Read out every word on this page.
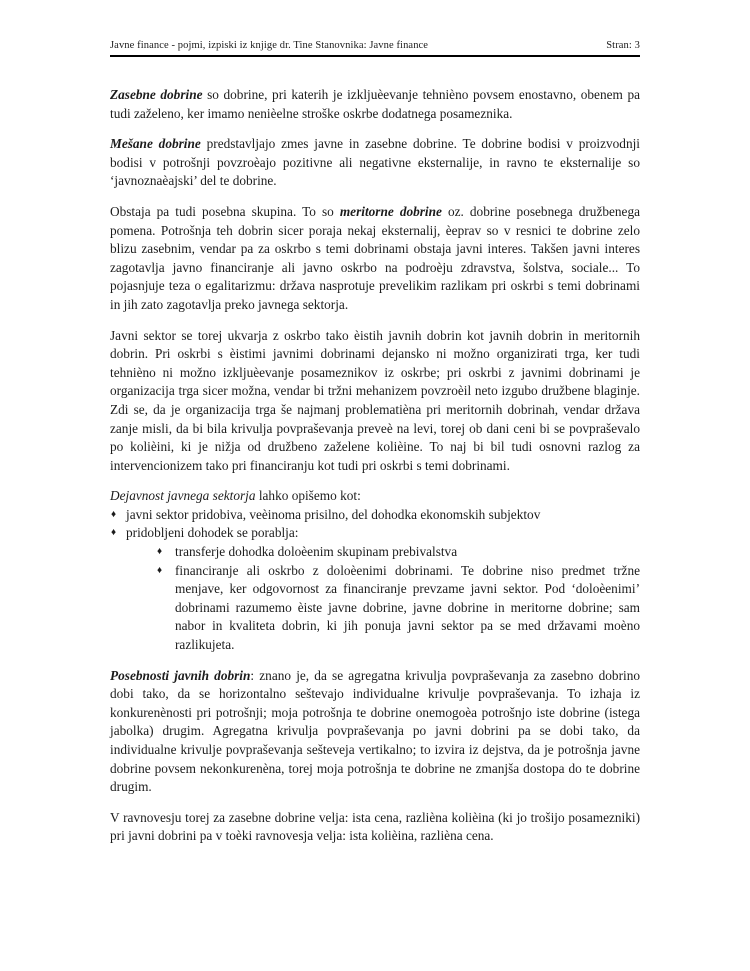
Javne finance - pojmi, izpiski iz knjige dr. Tine Stanovnika: Javne finance	Stran: 3
Zasebne dobrine so dobrine, pri katerih je izkljuèevanje tehnièno povsem enostavno, obenem pa tudi zaželeno, ker imamo nenièelne stroške oskrbe dodatnega posameznika.
Mešane dobrine predstavljajo zmes javne in zasebne dobrine. Te dobrine bodisi v proizvodnji bodisi v potrošnji povzroèajo pozitivne ali negativne eksternalije, in ravno te eksternalije so ‘javnoznaèajski’ del te dobrine.
Obstaja pa tudi posebna skupina. To so meritorne dobrine oz. dobrine posebnega družbenega pomena. Potrošnja teh dobrin sicer poraja nekaj eksternalij, èeprav so v resnici te dobrine zelo blizu zasebnim, vendar pa za oskrbo s temi dobrinami obstaja javni interes. Takšen javni interes zagotavlja javno financiranje ali javno oskrbo na podroèju zdravstva, šolstva, sociale... To pojasnjuje teza o egalitarizmu: država nasprotuje prevelikim razlikam pri oskrbi s temi dobrinami in jih zato zagotavlja preko javnega sektorja.
Javni sektor se torej ukvarja z oskrbo tako èistih javnih dobrin kot javnih dobrin in meritornih dobrin. Pri oskrbi s èistimi javnimi dobrinami dejansko ni možno organizirati trga, ker tudi tehnièno ni možno izkljuèevanje posameznikov iz oskrbe; pri oskrbi z javnimi dobrinami je organizacija trga sicer možna, vendar bi tržni mehanizem povzroèil neto izgubo družbene blaginje. Zdi se, da je organizacija trga še najmanj problematièna pri meritornih dobrinah, vendar država zanje misli, da bi bila krivulja povpraševanja preveè na levi, torej ob dani ceni bi se povpraševalo po kolièini, ki je nižja od družbeno zaželene kolièine. To naj bi bil tudi osnovni razlog za intervencionizem tako pri financiranju kot tudi pri oskrbi s temi dobrinami.
Dejavnost javnega sektorja lahko opišemo kot:
♦ javni sektor pridobiva, veèinoma prisilno, del dohodka ekonomskih subjektov
♦ pridobljeni dohodek se porablja:
♦ transferje dohodka doloèenim skupinam prebivalstva
♦ financiranje ali oskrbo z doloèenimi dobrinami. Te dobrine niso predmet tržne menjave, ker odgovornost za financiranje prevzame javni sektor. Pod ‘doloèenimi’ dobrinami razumemo èiste javne dobrine, javne dobrine in meritorne dobrine; sam nabor in kvaliteta dobrin, ki jih ponuja javni sektor pa se med državami moèno razlikujeta.
Posebnosti javnih dobrin: znano je, da se agregatna krivulja povpraševanja za zasebno dobrino dobi tako, da se horizontalno seštevajo individualne krivulje povpraševanja. To izhaja iz konkurenènosti pri potrošnji; moja potrošnja te dobrine onemogoèa potrošnjo iste dobrine (istega jabolka) drugim. Agregatna krivulja povpraševanja po javni dobrini pa se dobi tako, da individualne krivulje povpraševanja sešteveja vertikalno; to izvira iz dejstva, da je potrošnja javne dobrine povsem nekonkurenèna, torej moja potrošnja te dobrine ne zmanjša dostopa do te dobrine drugim.
V ravnovesju torej za zasebne dobrine velja: ista cena, razlièna kolièina (ki jo trošijo posamezniki) pri javni dobrini pa v toèki ravnovesja velja: ista kolièina, razlièna cena.
